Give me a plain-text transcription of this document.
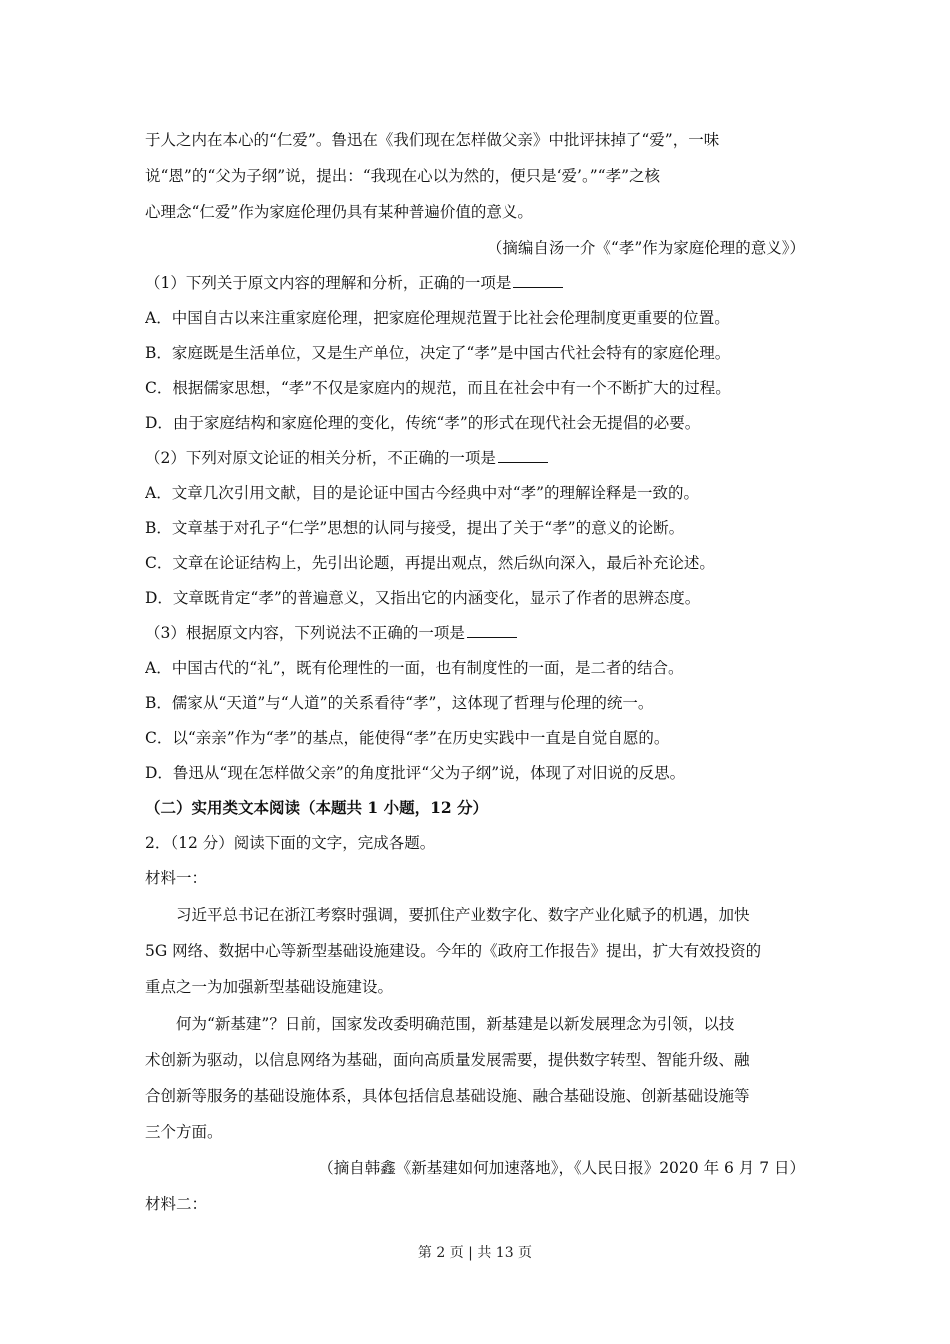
于人之内在本心的“仁爱”。鲁迅在《我们现在怎样做父亲》中批评抹掉了“爱”，一味
说“恩”的“父为子纲”说，提出：“我现在心以为然的，便只是‘爱’。”“孝”之核
心理念“仁爱”作为家庭伦理仍具有某种普遍价值的意义。
（摘编自汤一介《“孝”作为家庭伦理的意义》）
（1）下列关于原文内容的理解和分析，正确的一项是
A．中国自古以来注重家庭伦理，把家庭伦理规范置于比社会伦理制度更重要的位置。
B．家庭既是生活单位，又是生产单位，决定了“孝”是中国古代社会特有的家庭伦理。
C．根据儒家思想，“孝”不仅是家庭内的规范，而且在社会中有一个不断扩大的过程。
D．由于家庭结构和家庭伦理的变化，传统“孝”的形式在现代社会无提倡的必要。
（2）下列对原文论证的相关分析，不正确的一项是
A．文章几次引用文献，目的是论证中国古今经典中对“孝”的理解诠释是一致的。
B．文章基于对孔子“仁学”思想的认同与接受，提出了关于“孝”的意义的论断。
C．文章在论证结构上，先引出论题，再提出观点，然后纵向深入，最后补充论述。
D．文章既肯定“孝”的普遍意义，又指出它的内涵变化，显示了作者的思辨态度。
（3）根据原文内容，下列说法不正确的一项是
A．中国古代的“礼”，既有伦理性的一面，也有制度性的一面，是二者的结合。
B．儒家从“天道”与“人道”的关系看待“孝”，这体现了哲理与伦理的统一。
C．以“亲亲”作为“孝”的基点，能使得“孝”在历史实践中一直是自觉自愿的。
D．鲁迅从“现在怎样做父亲”的角度批评“父为子纲”说，体现了对旧说的反思。
（二）实用类文本阅读（本题共 1 小题，12 分）
2．（12 分）阅读下面的文字，完成各题。
材料一：
习近平总书记在浙江考察时强调，要抓住产业数字化、数字产业化赋予的机遇，加快
5G 网络、数据中心等新型基础设施建设。今年的《政府工作报告》提出，扩大有效投资的
重点之一为加强新型基础设施建设。
何为“新基建”？日前，国家发改委明确范围，新基建是以新发展理念为引领，以技
术创新为驱动，以信息网络为基础，面向高质量发展需要，提供数字转型、智能升级、融
合创新等服务的基础设施体系，具体包括信息基础设施、融合基础设施、创新基础设施等
三个方面。
（摘自韩鑫《新基建如何加速落地》，《人民日报》2020 年 6 月 7 日）
材料二：
第 2 页 | 共 13 页
